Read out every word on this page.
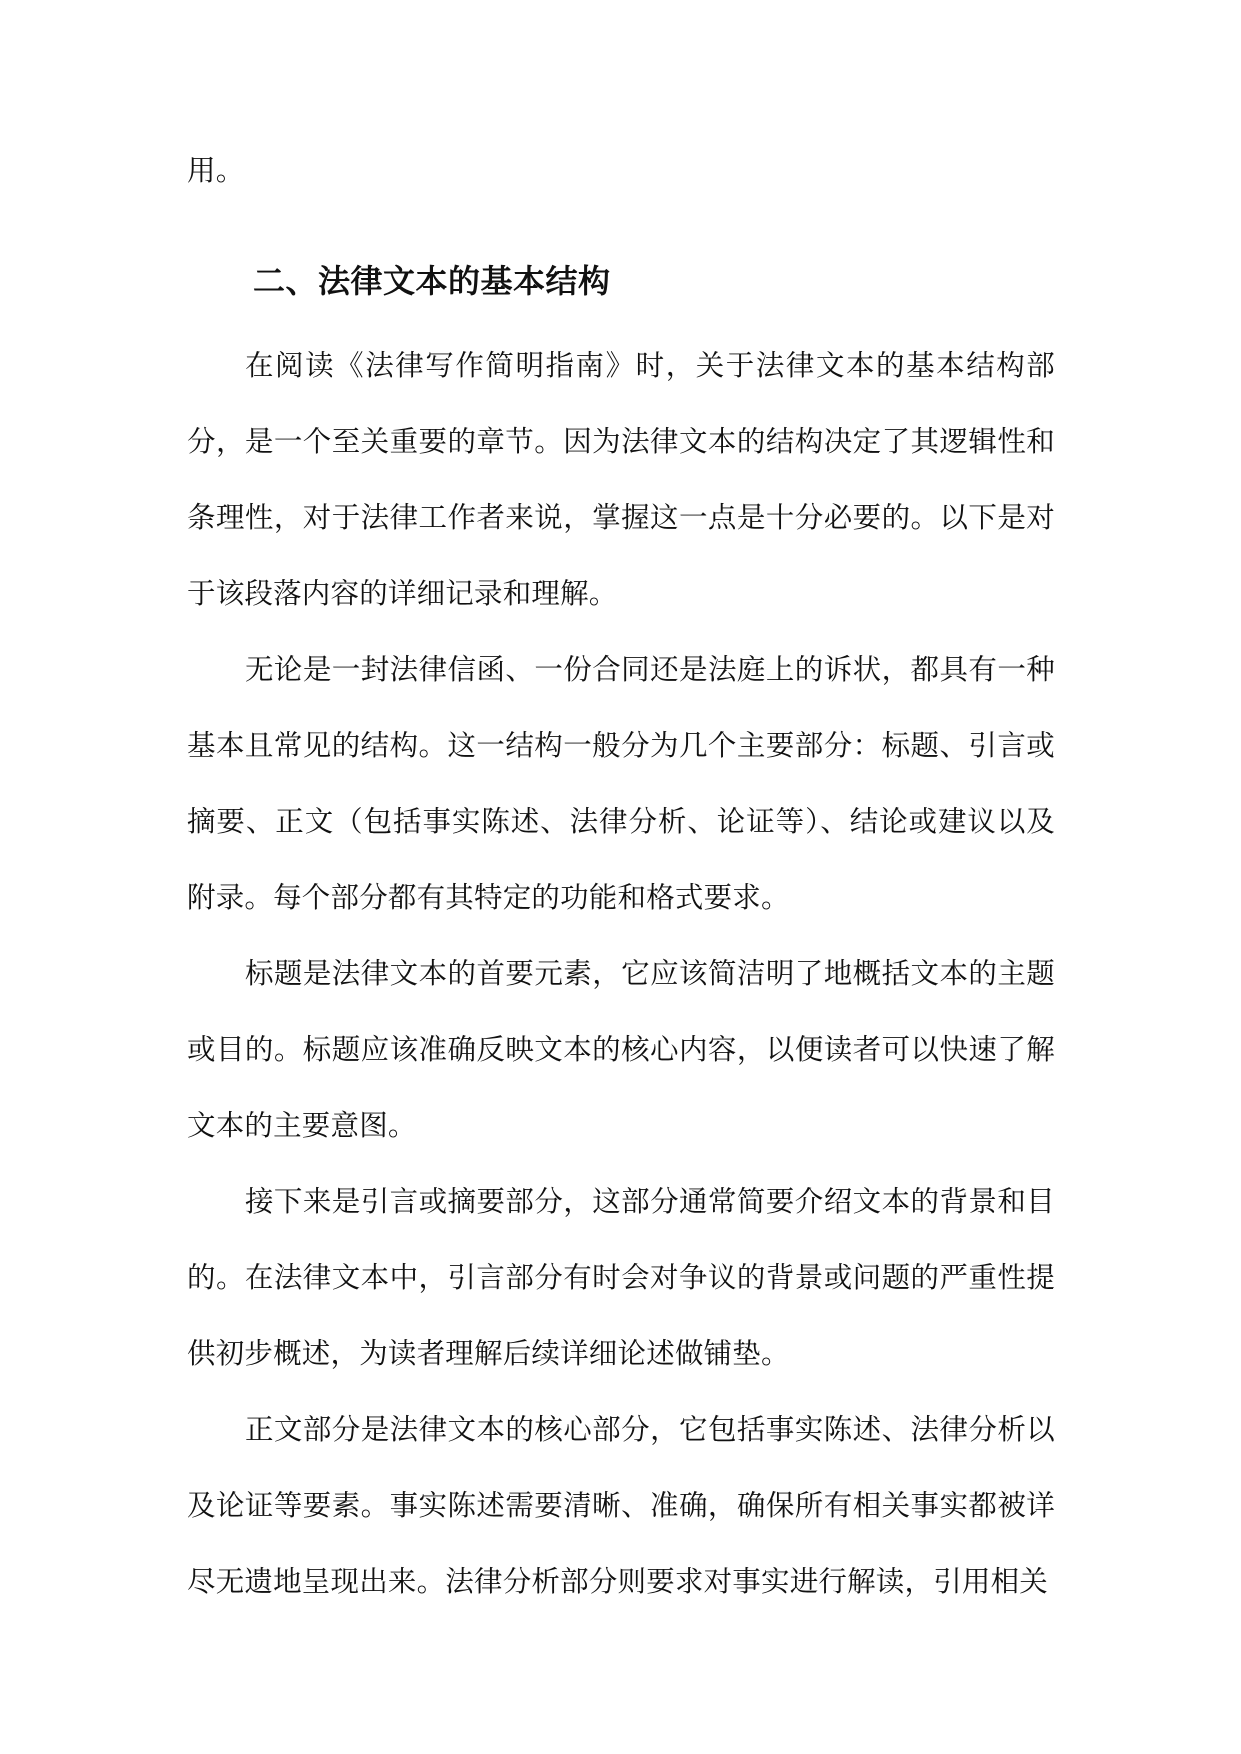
用。

二、法律文本的基本结构

在阅读《法律写作简明指南》时，关于法律文本的基本结构部分，是一个至关重要的章节。因为法律文本的结构决定了其逻辑性和条理性，对于法律工作者来说，掌握这一点是十分必要的。以下是对于该段落内容的详细记录和理解。

无论是一封法律信函、一份合同还是法庭上的诉状，都具有一种基本且常见的结构。这一结构一般分为几个主要部分：标题、引言或摘要、正文（包括事实陈述、法律分析、论证等）、结论或建议以及附录。每个部分都有其特定的功能和格式要求。

标题是法律文本的首要元素，它应该简洁明了地概括文本的主题或目的。标题应该准确反映文本的核心内容，以便读者可以快速了解文本的主要意图。

接下来是引言或摘要部分，这部分通常简要介绍文本的背景和目的。在法律文本中，引言部分有时会对争议的背景或问题的严重性提供初步概述，为读者理解后续详细论述做铺垫。

正文部分是法律文本的核心部分，它包括事实陈述、法律分析以及论证等要素。事实陈述需要清晰、准确，确保所有相关事实都被详尽无遗地呈现出来。法律分析部分则要求对事实进行解读，引用相关
